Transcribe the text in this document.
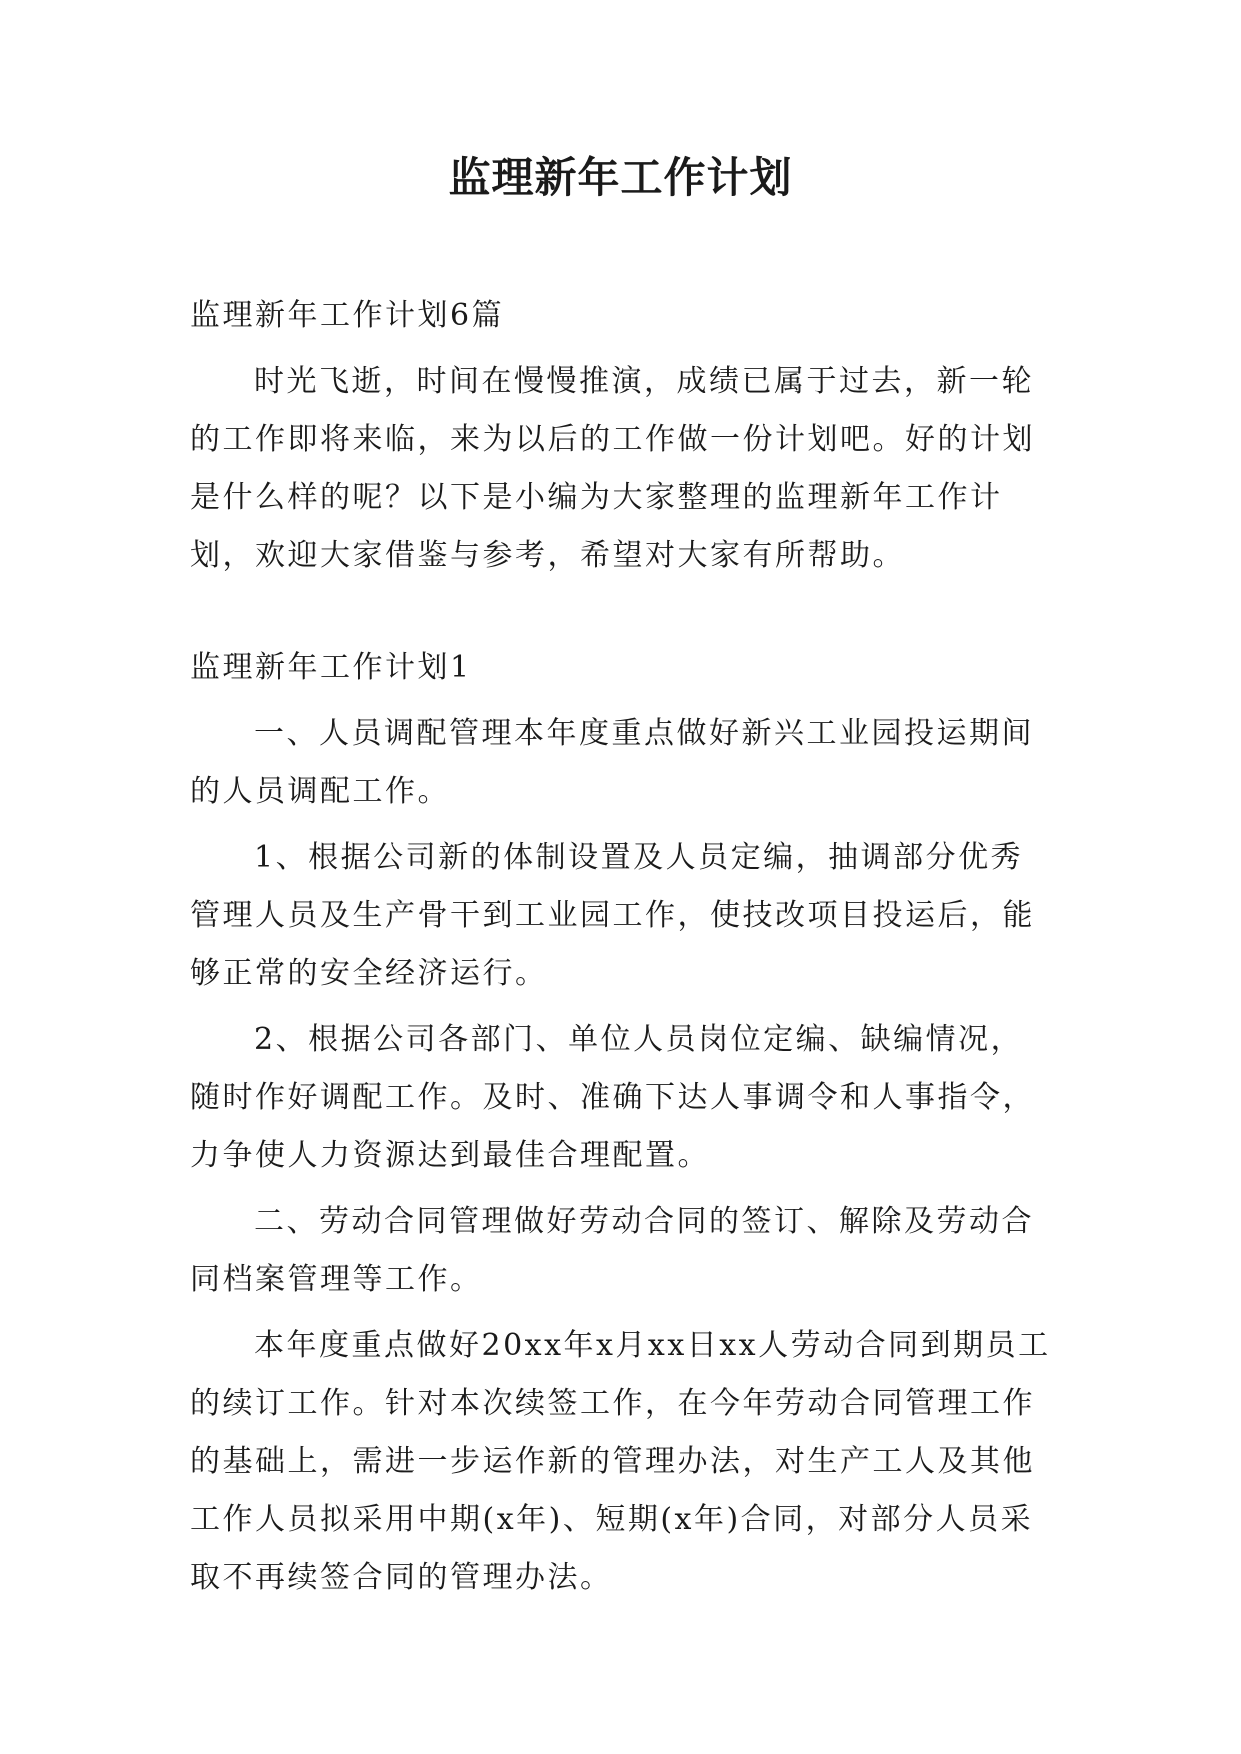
监理新年工作计划

监理新年工作计划6篇

时光飞逝，时间在慢慢推演，成绩已属于过去，新一轮的工作即将来临，来为以后的工作做一份计划吧。好的计划是什么样的呢？以下是小编为大家整理的监理新年工作计划，欢迎大家借鉴与参考，希望对大家有所帮助。

监理新年工作计划1

一、人员调配管理本年度重点做好新兴工业园投运期间的人员调配工作。

1、根据公司新的体制设置及人员定编，抽调部分优秀管理人员及生产骨干到工业园工作，使技改项目投运后，能够正常的安全经济运行。

2、根据公司各部门、单位人员岗位定编、缺编情况，随时作好调配工作。及时、准确下达人事调令和人事指令，力争使人力资源达到最佳合理配置。

二、劳动合同管理做好劳动合同的签订、解除及劳动合同档案管理等工作。

本年度重点做好20xx年x月xx日xx人劳动合同到期员工的续订工作。针对本次续签工作，在今年劳动合同管理工作的基础上，需进一步运作新的管理办法，对生产工人及其他工作人员拟采用中期(x年)、短期(x年)合同，对部分人员采取不再续签合同的管理办法。
